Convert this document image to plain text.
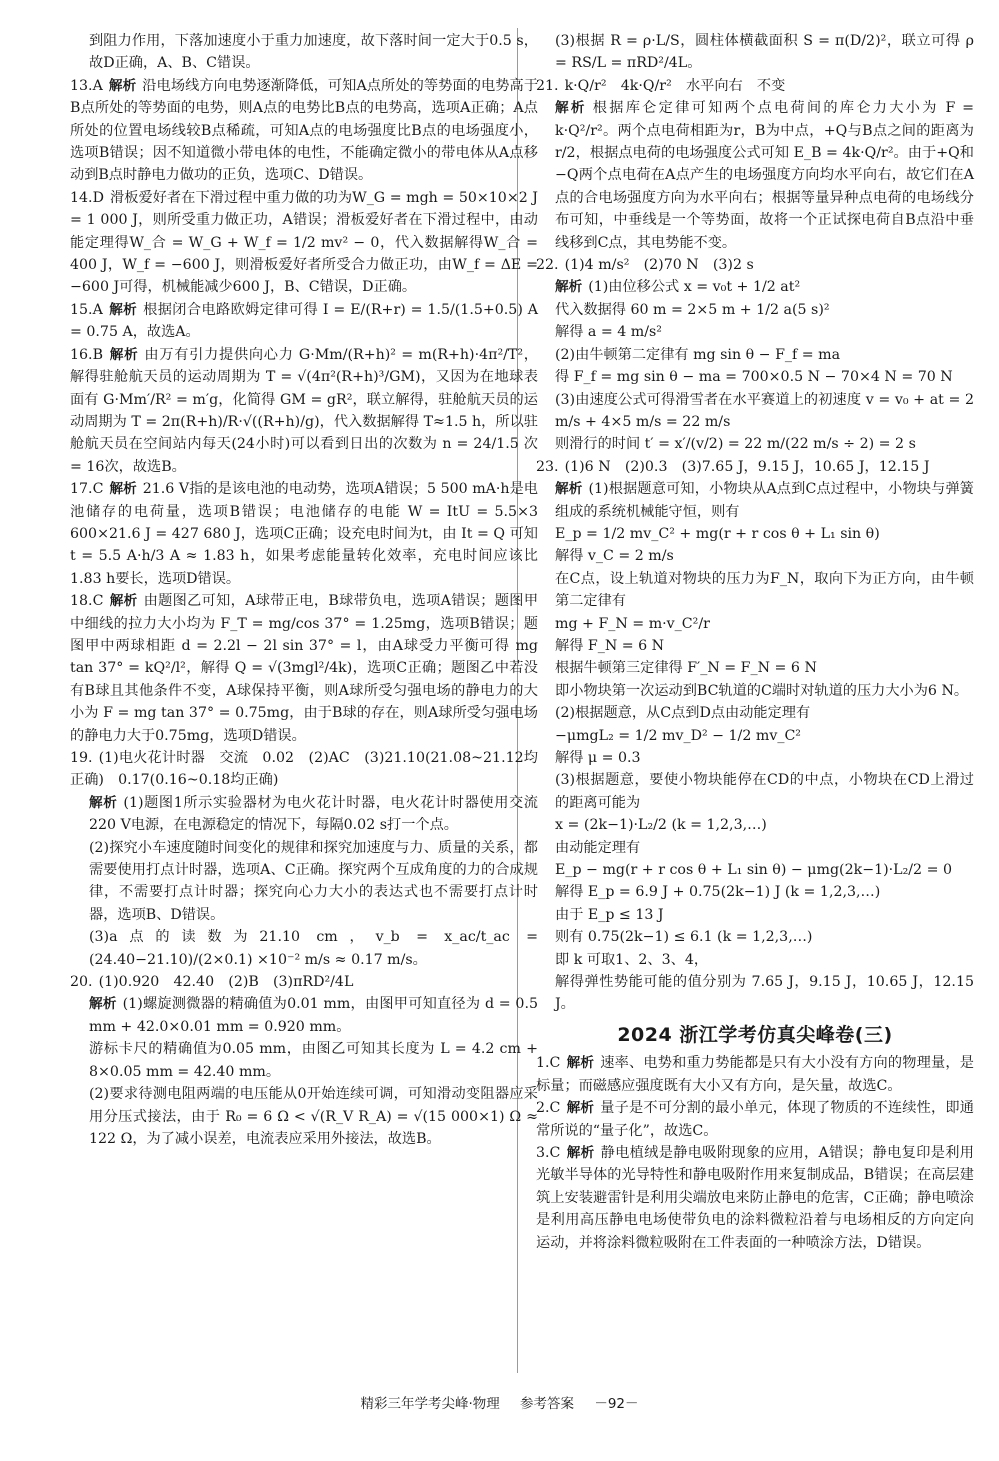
到阻力作用，下落加速度小于重力加速度，故下落时间一定大于0.5 s，故D正确，A、B、C错误。
13.A 解析 沿电场线方向电势逐渐降低，可知A点所处的等势面的电势高于B点所处的等势面的电势，则A点的电势比B点的电势高，选项A正确；A点所处的位置电场线较B点稀疏，可知A点的电场强度比B点的电场强度小，选项B错误；因不知道微小带电体的电性，不能确定微小的带电体从A点移动到B点时静电力做功的正负，选项C、D错误。
14.D 滑板爱好者在下滑过程中重力做的功为W_G = mgh = 50×10×2 J = 1 000 J，则所受重力做正功，A错误；滑板爱好者在下滑过程中，由动能定理得W_合 = W_G + W_f = 1/2 mv² − 0，代入数据解得W_合 = 400 J，W_f = −600 J，则滑板爱好者所受合力做正功，由W_f = ΔE = −600 J可得，机械能减少600 J，B、C错误，D正确。
15.A 解析 根据闭合电路欧姆定律可得 I = E/(R+r) = 1.5/(1.5+0.5) A = 0.75 A，故选A。
16.B 解析 由万有引力提供向心力 G·Mm/(R+h)² = m(R+h)·4π²/T²，解得驻舱航天员的运动周期为 T = √(4π²(R+h)³/GM)，又因为在地球表面有 G·Mm′/R² = m′g，化简得 GM = gR²，联立解得，驻舱航天员的运动周期为 T = 2π(R+h)/R·√((R+h)/g)，代入数据解得 T≈1.5 h，所以驻舱航天员在空间站内每天(24小时)可以看到日出的次数为 n = 24/1.5 次 = 16次，故选B。
17.C 解析 21.6 V指的是该电池的电动势，选项A错误；5 500 mA·h是电池储存的电荷量，选项B错误；电池储存的电能 W = ItU = 5.5×3 600×21.6 J = 427 680 J，选项C正确；设充电时间为t，由 It = Q 可知 t = 5.5 A·h/3 A ≈ 1.83 h，如果考虑能量转化效率，充电时间应该比1.83 h要长，选项D错误。
18.C 解析 由题图乙可知，A球带正电，B球带负电，选项A错误；题图甲中细线的拉力大小均为 F_T = mg/cos 37° = 1.25mg，选项B错误；题图甲中两球相距 d = 2.2l − 2l sin 37° = l，由A球受力平衡可得 mg tan 37° = kQ²/l²，解得 Q = √(3mgl²/4k)，选项C正确；题图乙中若没有B球且其他条件不变，A球保持平衡，则A球所受匀强电场的静电力的大小为 F = mg tan 37° = 0.75mg，由于B球的存在，则A球所受匀强电场的静电力大于0.75mg，选项D错误。
19. (1)电火花计时器　交流　0.02　(2)AC　(3)21.10(21.08~21.12均正确)　0.17(0.16~0.18均正确)
解析 (1)题图1所示实验器材为电火花计时器，电火花计时器使用交流220 V电源，在电源稳定的情况下，每隔0.02 s打一个点。
(2)探究小车速度随时间变化的规律和探究加速度与力、质量的关系，都需要使用打点计时器，选项A、C正确。探究两个互成角度的力的合成规律，不需要打点计时器；探究向心力大小的表达式也不需要打点计时器，选项B、D错误。
(3)a点的读数为21.10 cm，v_b = x_ac/t_ac = (24.40−21.10)/(2×0.1) ×10⁻² m/s ≈ 0.17 m/s。
20. (1)0.920　42.40　(2)B　(3)πRD²/4L
解析 (1)螺旋测微器的精确值为0.01 mm，由图甲可知直径为 d = 0.5 mm + 42.0×0.01 mm = 0.920 mm。
游标卡尺的精确值为0.05 mm，由图乙可知其长度为 L = 4.2 cm + 8×0.05 mm = 42.40 mm。
(2)要求待测电阻两端的电压能从0开始连续可调，可知滑动变阻器应采用分压式接法，由于 R₀ = 6 Ω < √(R_V R_A) = √(15 000×1) Ω ≈ 122 Ω，为了减小误差，电流表应采用外接法，故选B。
(3)根据 R = ρ·L/S，圆柱体横截面积 S = π(D/2)²，联立可得 ρ = RS/L = πRD²/4L。
21. k·Q/r²　4k·Q/r²　水平向右　不变
解析 根据库仑定律可知两个点电荷间的库仑力大小为 F = k·Q²/r²。两个点电荷相距为r，B为中点，+Q与B点之间的距离为 r/2，根据点电荷的电场强度公式可知 E_B = 4k·Q/r²。由于+Q和−Q两个点电荷在A点产生的电场强度方向均水平向右，故它们在A点的合电场强度方向为水平向右；根据等量异种点电荷的电场线分布可知，中垂线是一个等势面，故将一个正试探电荷自B点沿中垂线移到C点，其电势能不变。
22. (1)4 m/s²　(2)70 N　(3)2 s
解析 (1)由位移公式 x = v₀t + 1/2 at²
代入数据得 60 m = 2×5 m + 1/2 a(5 s)²
解得 a = 4 m/s²
(2)由牛顿第二定律有 mg sin θ − F_f = ma
得 F_f = mg sin θ − ma = 700×0.5 N − 70×4 N = 70 N
(3)由速度公式可得滑雪者在水平赛道上的初速度 v = v₀ + at = 2 m/s + 4×5 m/s = 22 m/s
则滑行的时间 t′ = x′/(v/2) = 22 m/(22 m/s ÷ 2) = 2 s
23. (1)6 N　(2)0.3　(3)7.65 J，9.15 J，10.65 J，12.15 J
解析 (1)根据题意可知，小物块从A点到C点过程中，小物块与弹簧组成的系统机械能守恒，则有
E_p = 1/2 mv_C² + mg(r + r cos θ + L₁ sin θ)
解得 v_C = 2 m/s
在C点，设上轨道对物块的压力为F_N，取向下为正方向，由牛顿第二定律有
mg + F_N = m·v_C²/r
解得 F_N = 6 N
根据牛顿第三定律得 F′_N = F_N = 6 N
即小物块第一次运动到BC轨道的C端时对轨道的压力大小为6 N。
(2)根据题意，从C点到D点由动能定理有
−μmgL₂ = 1/2 mv_D² − 1/2 mv_C²
解得 μ = 0.3
(3)根据题意，要使小物块能停在CD的中点，小物块在CD上滑过的距离可能为
x = (2k−1)·L₂/2 (k = 1,2,3,…)
由动能定理有
E_p − mg(r + r cos θ + L₁ sin θ) − μmg(2k−1)·L₂/2 = 0
解得 E_p = 6.9 J + 0.75(2k−1) J (k = 1,2,3,…)
由于 E_p ≤ 13 J
则有 0.75(2k−1) ≤ 6.1 (k = 1,2,3,…)
即 k 可取1、2、3、4，
解得弹性势能可能的值分别为 7.65 J，9.15 J，10.65 J，12.15 J。
2024 浙江学考仿真尖峰卷(三)
1.C 解析 速率、电势和重力势能都是只有大小没有方向的物理量，是标量；而磁感应强度既有大小又有方向，是矢量，故选C。
2.C 解析 量子是不可分割的最小单元，体现了物质的不连续性，即通常所说的“量子化”，故选C。
3.C 解析 静电植绒是静电吸附现象的应用，A错误；静电复印是利用光敏半导体的光导特性和静电吸附作用来复制成品，B错误；在高层建筑上安装避雷针是利用尖端放电来防止静电的危害，C正确；静电喷涂是利用高压静电电场使带负电的涂料微粒沿着与电场相反的方向定向运动，并将涂料微粒吸附在工件表面的一种喷涂方法，D错误。
精彩三年学考尖峰·物理 参考答案 －92－
